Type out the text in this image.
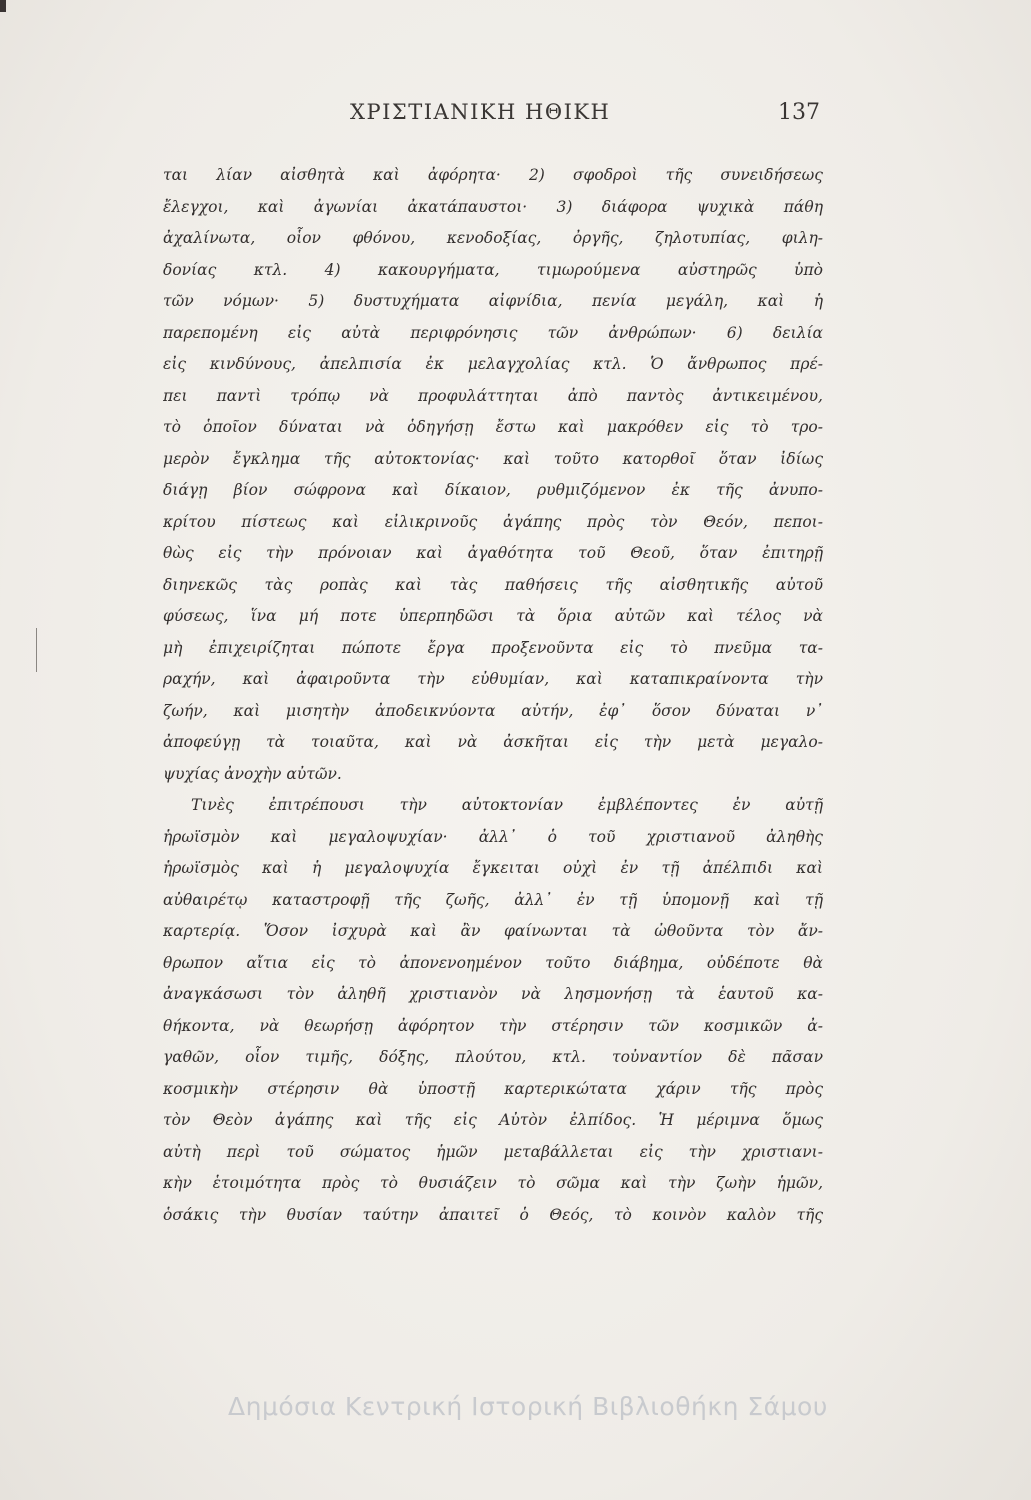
ΧΡΙΣΤΙΑΝΙΚΗ ΗΘΙΚΗ	137
ται λίαν αἰσθητὰ καὶ ἀφόρητα· 2) σφοδροὶ τῆς συνειδήσεως
ἔλεγχοι, καὶ ἀγωνίαι ἀκατάπαυστοι· 3) διάφορα ψυχικὰ πάθη
ἀχαλίνωτα, οἷον φθόνου, κενοδοξίας, ὀργῆς, ζηλοτυπίας, φιλη-
δονίας κτλ. 4) κακουργήματα, τιμωρούμενα αὐστηρῶς ὑπὸ
τῶν νόμων· 5) δυστυχήματα αἰφνίδια, πενία μεγάλη, καὶ ἡ
παρεπομένη εἰς αὐτὰ περιφρόνησις τῶν ἀνθρώπων· 6) δειλία
εἰς κινδύνους, ἀπελπισία ἐκ μελαγχολίας κτλ. Ὁ ἄνθρωπος πρέ-
πει παντὶ τρόπῳ νὰ προφυλάττηται ἀπὸ παντὸς ἀντικειμένου,
τὸ ὁποῖον δύναται νὰ ὁδηγήσῃ ἔστω καὶ μακρόθεν εἰς τὸ τρο-
μερὸν ἔγκλημα τῆς αὐτοκτονίας· καὶ τοῦτο κατορθοῖ ὅταν ἰδίως
διάγῃ βίον σώφρονα καὶ δίκαιον, ρυθμιζόμενον ἐκ τῆς ἀνυπο-
κρίτου πίστεως καὶ εἰλικρινοῦς ἀγάπης πρὸς τὸν Θεόν, πεποι-
θὼς εἰς τὴν πρόνοιαν καὶ ἀγαθότητα τοῦ Θεοῦ, ὅταν ἐπιτηρῇ
διηνεκῶς τὰς ροπὰς καὶ τὰς παθήσεις τῆς αἰσθητικῆς αὐτοῦ
φύσεως, ἵνα μή ποτε ὑπερπηδῶσι τὰ ὅρια αὐτῶν καὶ τέλος νὰ
μὴ ἐπιχειρίζηται πώποτε ἔργα προξενοῦντα εἰς τὸ πνεῦμα τα-
ραχήν, καὶ ἀφαιροῦντα τὴν εὐθυμίαν, καὶ καταπικραίνοντα τὴν
ζωήν, καὶ μισητὴν ἀποδεικνύοντα αὐτήν, ἐφ᾽ ὅσον δύναται ν᾽
ἀποφεύγῃ τὰ τοιαῦτα, καὶ νὰ ἀσκῆται εἰς τὴν μετὰ μεγαλο-
ψυχίας ἀνοχὴν αὐτῶν.
Τινὲς ἐπιτρέπουσι τὴν αὐτοκτονίαν ἐμβλέποντες ἐν αὐτῇ
ἡρωϊσμὸν καὶ μεγαλοψυχίαν· ἀλλ᾽ ὁ τοῦ χριστιανοῦ ἀληθὴς
ἡρωϊσμὸς καὶ ἡ μεγαλοψυχία ἔγκειται οὐχὶ ἐν τῇ ἀπέλπιδι καὶ
αὐθαιρέτῳ καταστροφῇ τῆς ζωῆς, ἀλλ᾽ ἐν τῇ ὑπομονῇ καὶ τῇ
καρτερίᾳ. Ὅσον ἰσχυρὰ καὶ ἂν φαίνωνται τὰ ὠθοῦντα τὸν ἄν-
θρωπον αἴτια εἰς τὸ ἀπονενοημένον τοῦτο διάβημα, οὐδέποτε θὰ
ἀναγκάσωσι τὸν ἀληθῆ χριστιανὸν νὰ λησμονήσῃ τὰ ἑαυτοῦ κα-
θήκοντα, νὰ θεωρήσῃ ἀφόρητον τὴν στέρησιν τῶν κοσμικῶν ἀ-
γαθῶν, οἷον τιμῆς, δόξης, πλούτου, κτλ. τοὐναντίον δὲ πᾶσαν
κοσμικὴν στέρησιν θὰ ὑποστῇ καρτερικώτατα χάριν τῆς πρὸς
τὸν Θεὸν ἀγάπης καὶ τῆς εἰς Αὐτὸν ἐλπίδος. Ἡ μέριμνα ὅμως
αὐτὴ περὶ τοῦ σώματος ἡμῶν μεταβάλλεται εἰς τὴν χριστιανι-
κὴν ἑτοιμότητα πρὸς τὸ θυσιάζειν τὸ σῶμα καὶ τὴν ζωὴν ἡμῶν,
ὁσάκις τὴν θυσίαν ταύτην ἀπαιτεῖ ὁ Θεός, τὸ κοινὸν καλὸν τῆς
Δημόσια Κεντρική Ιστορική Βιβλιοθήκη Σάμου
